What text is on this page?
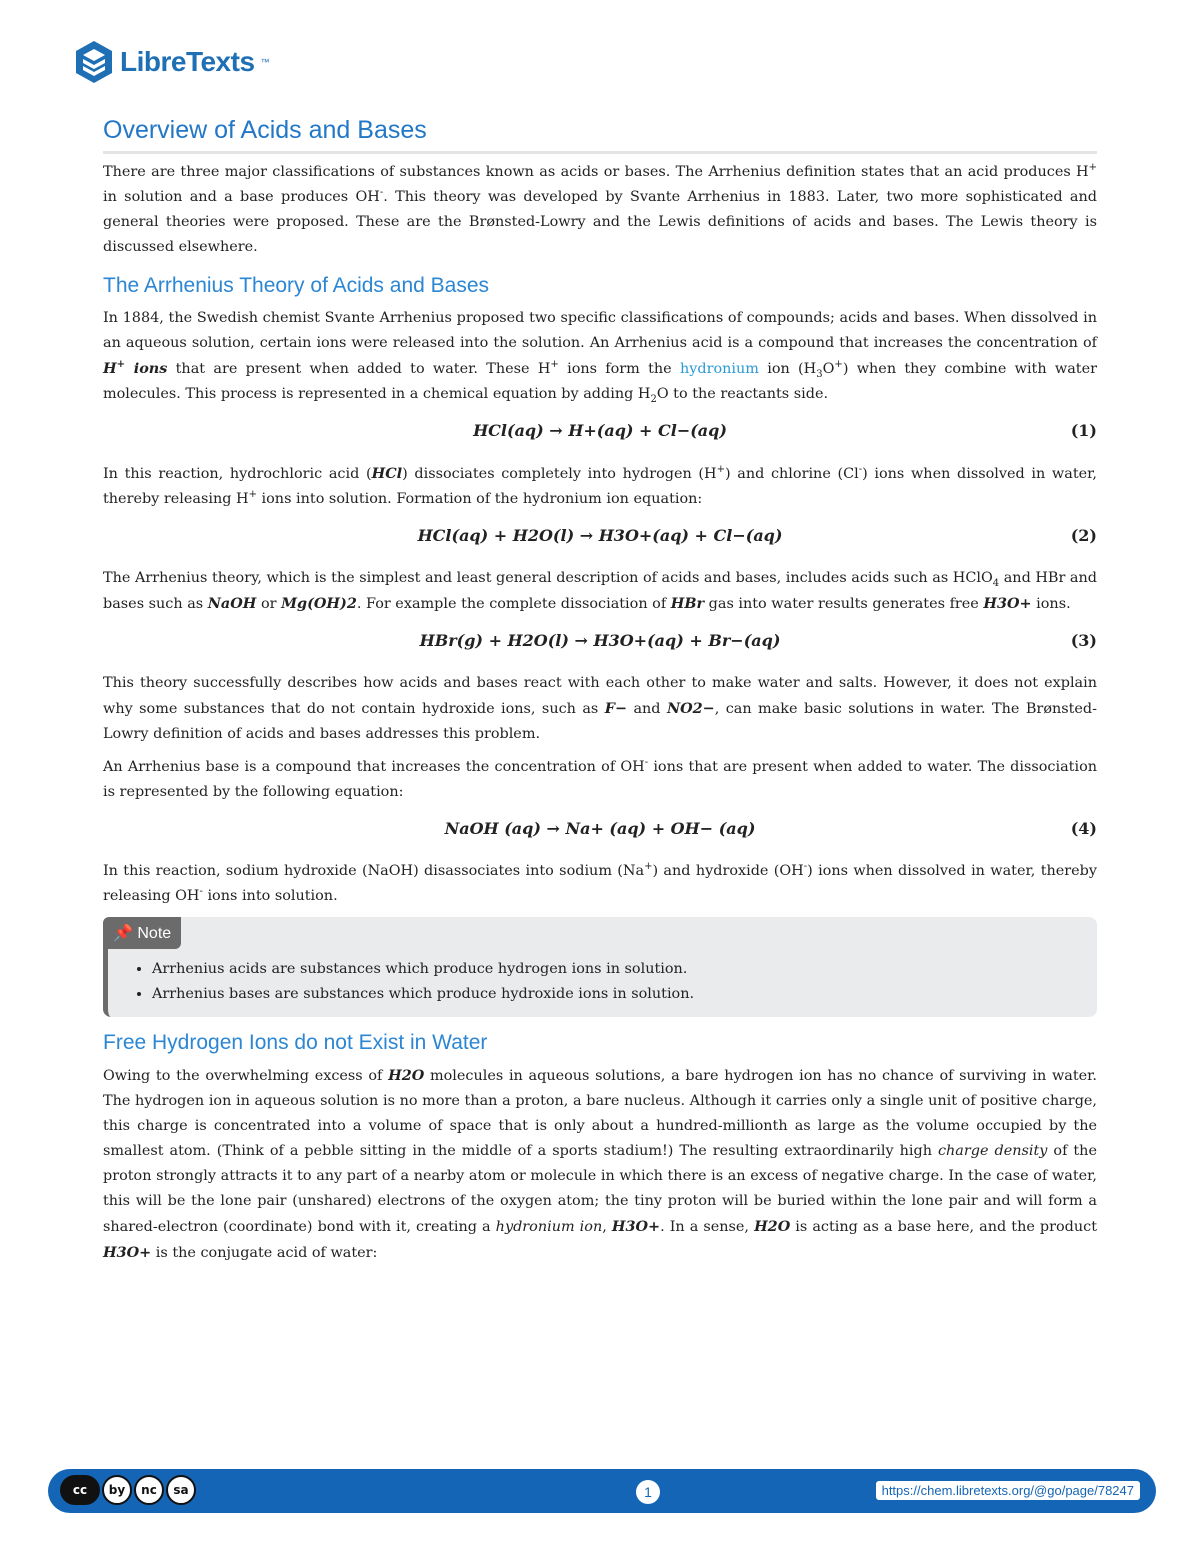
LibreTexts ™
Overview of Acids and Bases

There are three major classifications of substances known as acids or bases. The Arrhenius definition states that an acid produces H+ in solution and a base produces OH-. This theory was developed by Svante Arrhenius in 1883. Later, two more sophisticated and general theories were proposed. These are the Brønsted-Lowry and the Lewis definitions of acids and bases. The Lewis theory is discussed elsewhere.

The Arrhenius Theory of Acids and Bases

In 1884, the Swedish chemist Svante Arrhenius proposed two specific classifications of compounds; acids and bases. When dissolved in an aqueous solution, certain ions were released into the solution. An Arrhenius acid is a compound that increases the concentration of H+ ions that are present when added to water. These H+ ions form the hydronium ion $(H_3O^+)$ when they combine with water molecules. This process is represented in a chemical equation by adding $H_2O$ to the reactants side.

HCl(aq) → H+(aq) + Cl−(aq)	(1)

In this reaction, hydrochloric acid (HCl) dissociates completely into hydrogen (H+) and chlorine (Cl-) ions when dissolved in water, thereby releasing H+ ions into solution. Formation of the hydronium ion equation:

HCl(aq) + H2O(l) → H3O+(aq) + Cl−(aq)	(2)

The Arrhenius theory, which is the simplest and least general description of acids and bases, includes acids such as HClO$_4$ and HBr and bases such as NaOH or Mg(OH)2. For example the complete dissociation of HBr gas into water results generates free H3O+ ions.

HBr(g) + H2O(l) → H3O+(aq) + Br−(aq)	(3)

This theory successfully describes how acids and bases react with each other to make water and salts. However, it does not explain why some substances that do not contain hydroxide ions, such as F− and NO2−, can make basic solutions in water. The Brønsted-Lowry definition of acids and bases addresses this problem.

An Arrhenius base is a compound that increases the concentration of OH- ions that are present when added to water. The dissociation is represented by the following equation:

NaOH (aq) → Na+ (aq) + OH− (aq)	(4)

In this reaction, sodium hydroxide (NaOH) disassociates into sodium (Na+) and hydroxide (OH-) ions when dissolved in water, thereby releasing OH- ions into solution.

📌 Note
• Arrhenius acids are substances which produce hydrogen ions in solution.
• Arrhenius bases are substances which produce hydroxide ions in solution.
Free Hydrogen Ions do not Exist in Water

Owing to the overwhelming excess of H2O molecules in aqueous solutions, a bare hydrogen ion has no chance of surviving in water. The hydrogen ion in aqueous solution is no more than a proton, a bare nucleus. Although it carries only a single unit of positive charge, this charge is concentrated into a volume of space that is only about a hundred-millionth as large as the volume occupied by the smallest atom. (Think of a pebble sitting in the middle of a sports stadium!) The resulting extraordinarily high charge density of the proton strongly attracts it to any part of a nearby atom or molecule in which there is an excess of negative charge. In the case of water, this will be the lone pair (unshared) electrons of the oxygen atom; the tiny proton will be buried within the lone pair and will form a shared-electron (coordinate) bond with it, creating a hydronium ion, H3O+. In a sense, H2O is acting as a base here, and the product H3O+ is the conjugate acid of water:

cc	by	nc	sa	1	https://chem.libretexts.org/@go/page/78247
